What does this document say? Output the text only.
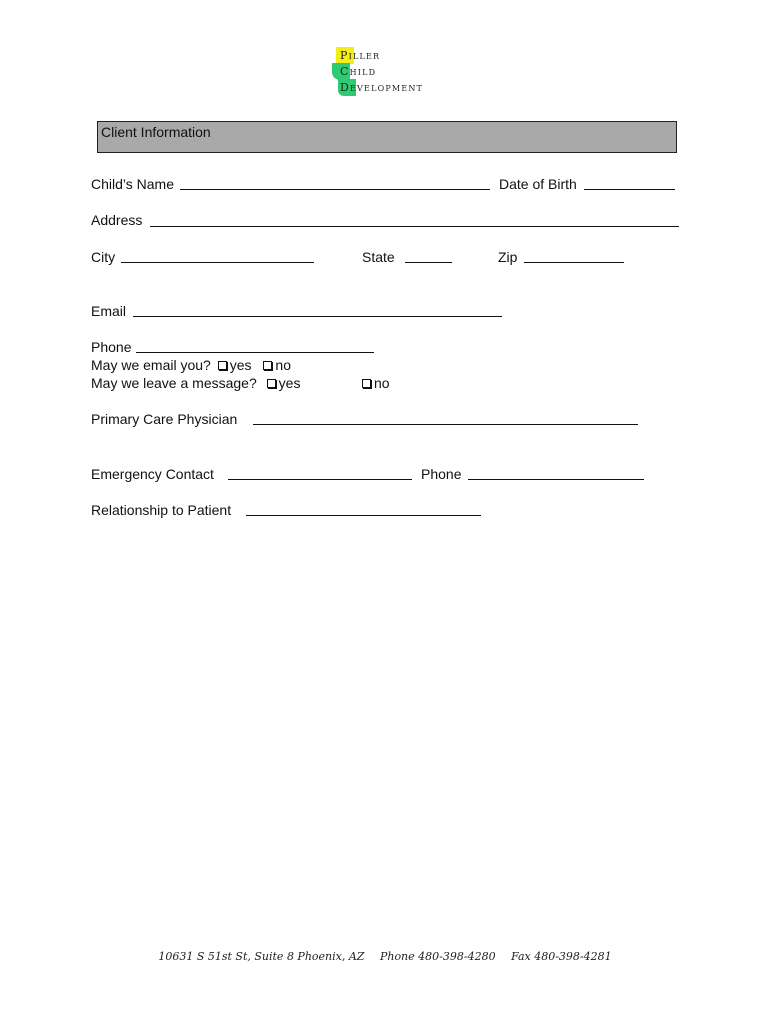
Piller
Child
Development
Client Information
Child’s Name	Date of Birth
Address
City	State	Zip
Email
Phone
May we email you? yes no
May we leave a message? yes	no
Primary Care Physician
Emergency Contact	Phone
Relationship to Patient
10631 S 51st St, Suite 8 Phoenix, AZ Phone 480-398-4280 Fax 480-398-4281
